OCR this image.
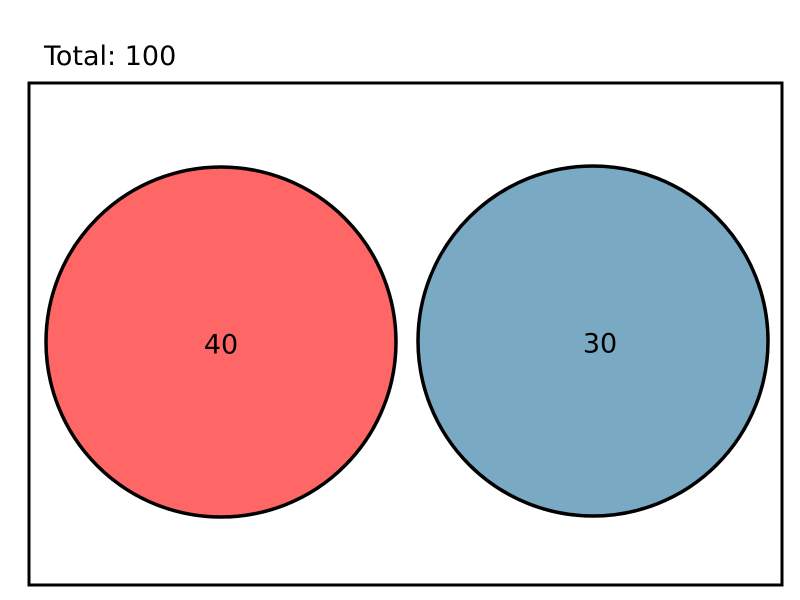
Total: 100
40	30
